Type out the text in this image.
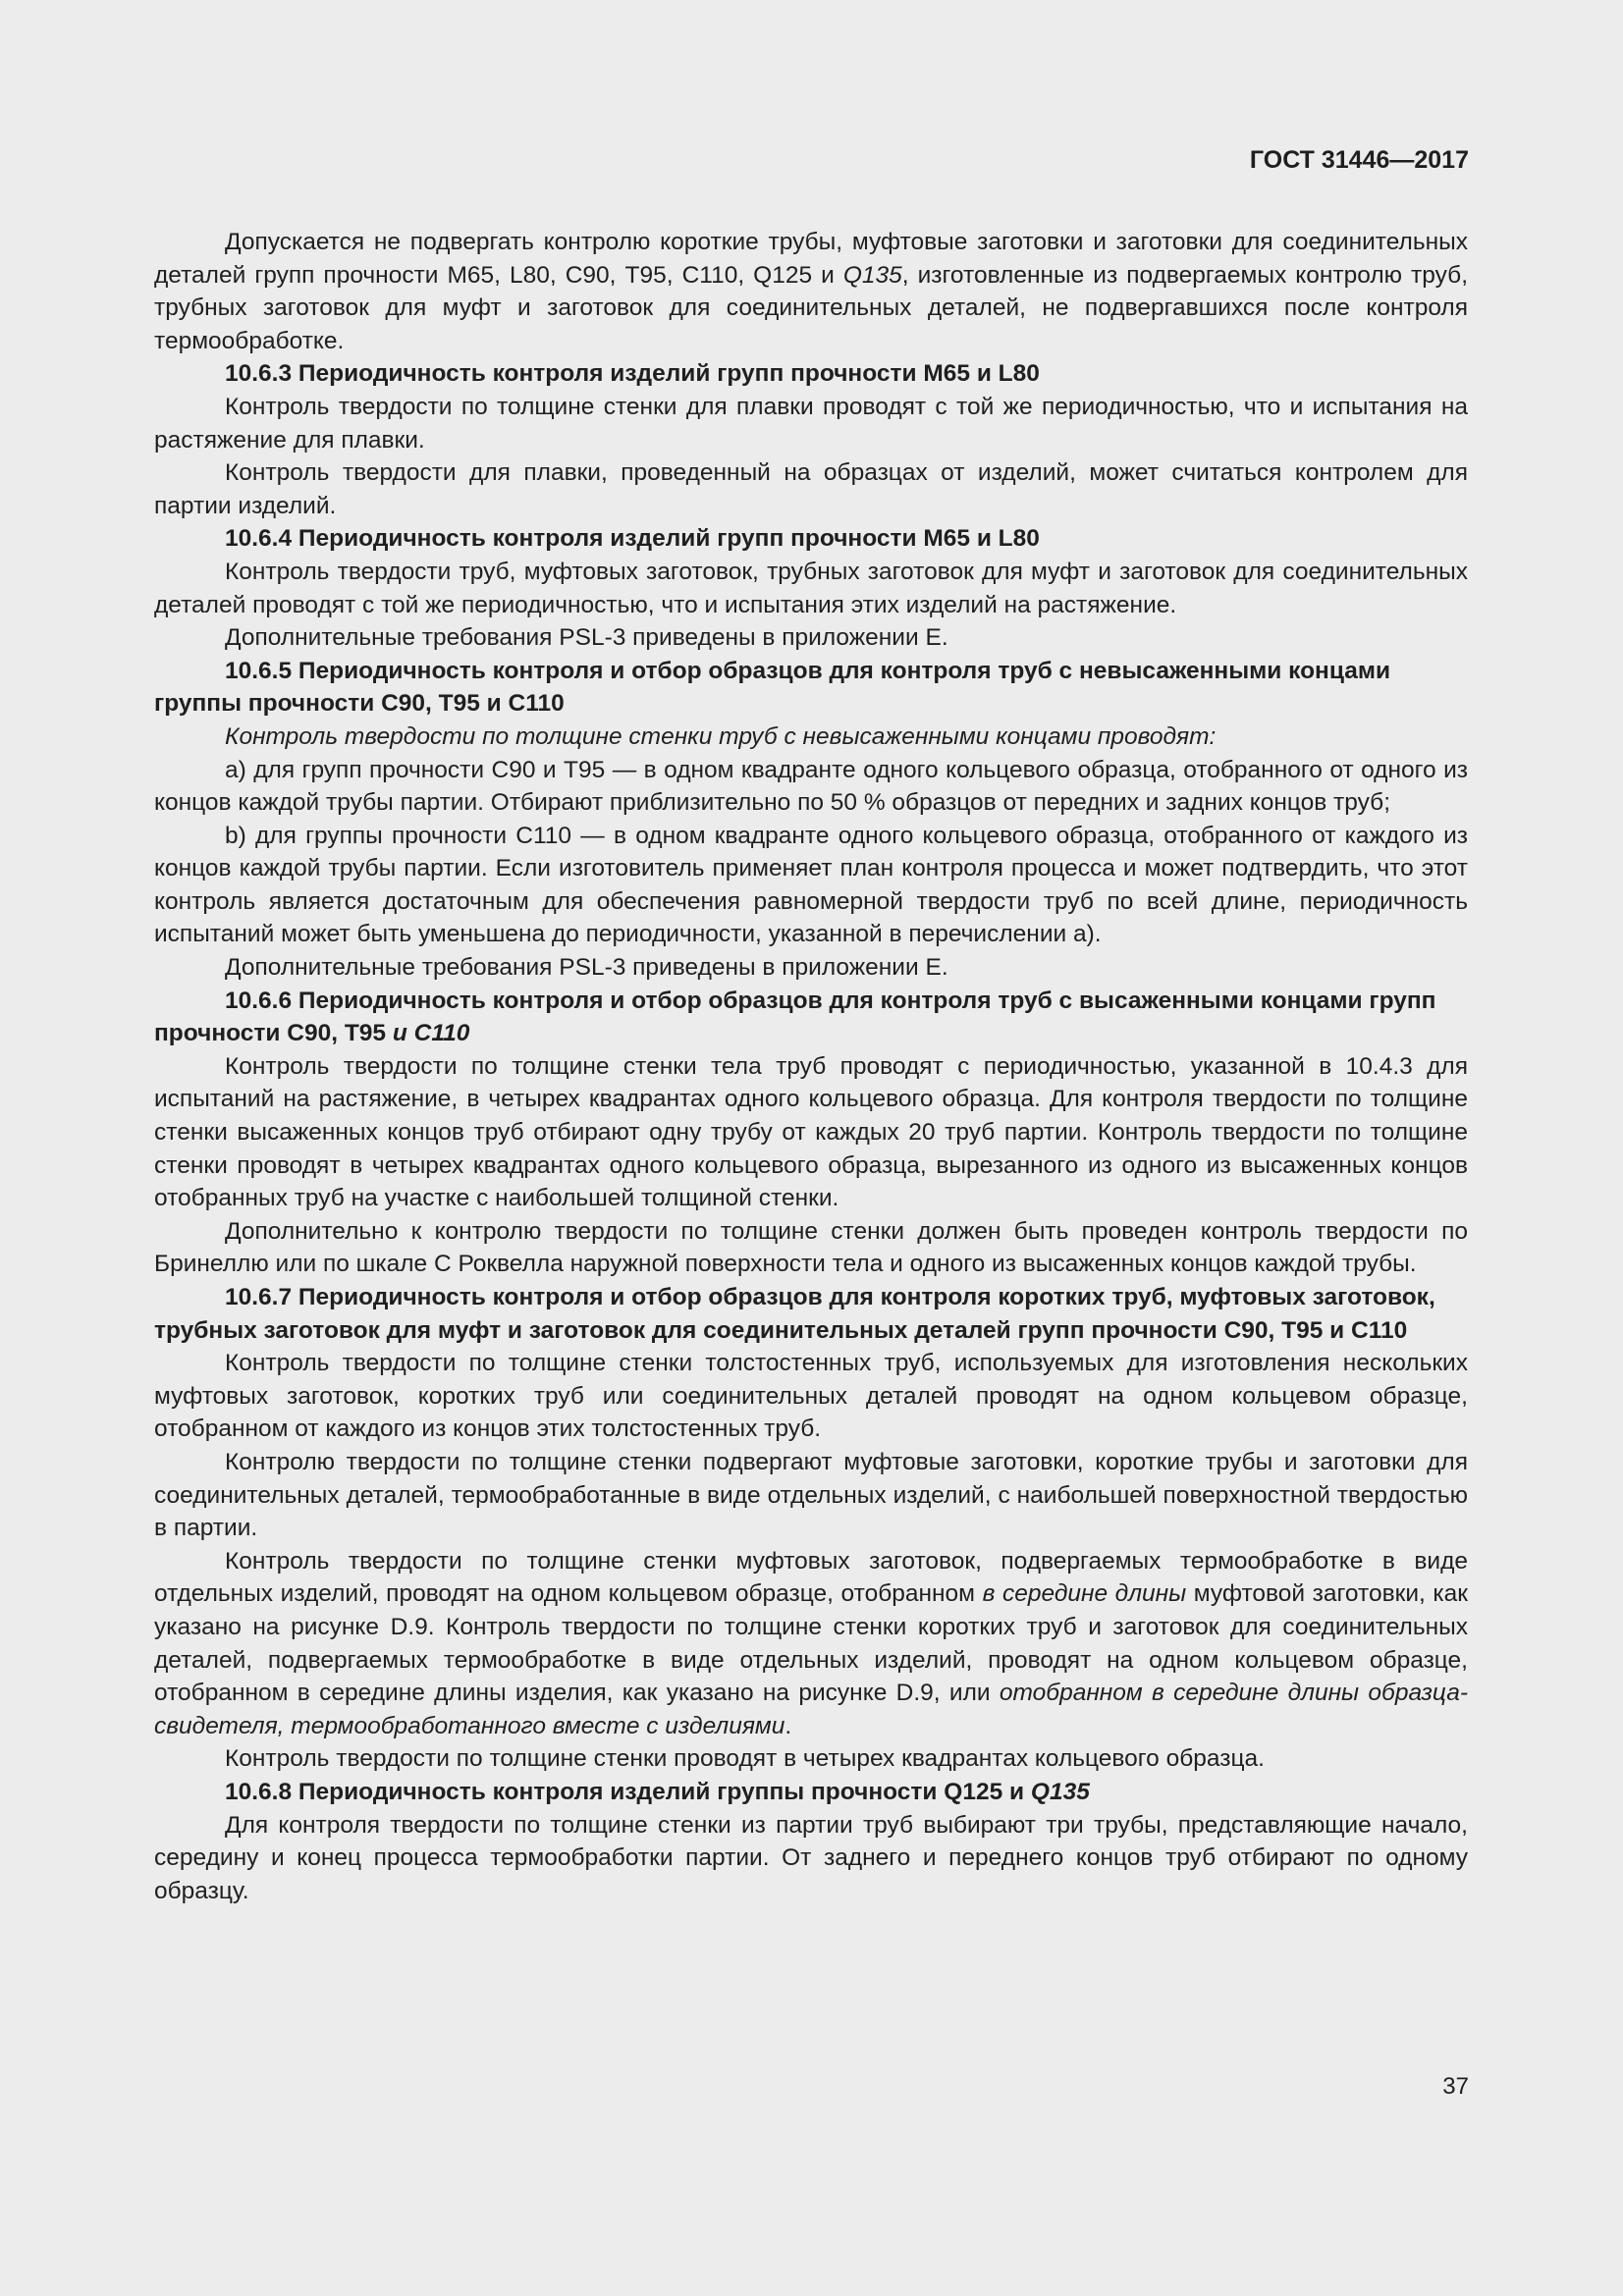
ГОСТ 31446—2017

Допускается не подвергать контролю короткие трубы, муфтовые заготовки и заготовки для соединительных деталей групп прочности М65, L80, С90, Т95, С110, Q125 и Q135, изготовленные из подвергаемых контролю труб, трубных заготовок для муфт и заготовок для соединительных деталей, не подвергавшихся после контроля термообработке.

10.6.3 Периодичность контроля изделий групп прочности М65 и L80

Контроль твердости по толщине стенки для плавки проводят с той же периодичностью, что и испытания на растяжение для плавки.

Контроль твердости для плавки, проведенный на образцах от изделий, может считаться контролем для партии изделий.

10.6.4 Периодичность контроля изделий групп прочности М65 и L80

Контроль твердости труб, муфтовых заготовок, трубных заготовок для муфт и заготовок для соединительных деталей проводят с той же периодичностью, что и испытания этих изделий на растяжение.

Дополнительные требования PSL-3 приведены в приложении Е.

10.6.5 Периодичность контроля и отбор образцов для контроля труб с невысаженными концами группы прочности С90, Т95 и С110

Контроль твердости по толщине стенки труб с невысаженными концами проводят:

а) для групп прочности С90 и Т95 — в одном квадранте одного кольцевого образца, отобранного от одного из концов каждой трубы партии. Отбирают приблизительно по 50 % образцов от передних и задних концов труб;

b) для группы прочности С110 — в одном квадранте одного кольцевого образца, отобранного от каждого из концов каждой трубы партии. Если изготовитель применяет план контроля процесса и может подтвердить, что этот контроль является достаточным для обеспечения равномерной твердости труб по всей длине, периодичность испытаний может быть уменьшена до периодичности, указанной в перечислении а).

Дополнительные требования PSL-3 приведены в приложении Е.

10.6.6 Периодичность контроля и отбор образцов для контроля труб с высаженными концами групп прочности С90, Т95 и С110

Контроль твердости по толщине стенки тела труб проводят с периодичностью, указанной в 10.4.3 для испытаний на растяжение, в четырех квадрантах одного кольцевого образца. Для контроля твердости по толщине стенки высаженных концов труб отбирают одну трубу от каждых 20 труб партии. Контроль твердости по толщине стенки проводят в четырех квадрантах одного кольцевого образца, вырезанного из одного из высаженных концов отобранных труб на участке с наибольшей толщиной стенки.

Дополнительно к контролю твердости по толщине стенки должен быть проведен контроль твердости по Бринеллю или по шкале С Роквелла наружной поверхности тела и одного из высаженных концов каждой трубы.

10.6.7 Периодичность контроля и отбор образцов для контроля коротких труб, муфтовых заготовок, трубных заготовок для муфт и заготовок для соединительных деталей групп прочности С90, Т95 и С110

Контроль твердости по толщине стенки толстостенных труб, используемых для изготовления нескольких муфтовых заготовок, коротких труб или соединительных деталей проводят на одном кольцевом образце, отобранном от каждого из концов этих толстостенных труб.

Контролю твердости по толщине стенки подвергают муфтовые заготовки, короткие трубы и заготовки для соединительных деталей, термообработанные в виде отдельных изделий, с наибольшей поверхностной твердостью в партии.

Контроль твердости по толщине стенки муфтовых заготовок, подвергаемых термообработке в виде отдельных изделий, проводят на одном кольцевом образце, отобранном в середине длины муфтовой заготовки, как указано на рисунке D.9. Контроль твердости по толщине стенки коротких труб и заготовок для соединительных деталей, подвергаемых термообработке в виде отдельных изделий, проводят на одном кольцевом образце, отобранном в середине длины изделия, как указано на рисунке D.9, или отобранном в середине длины образца-свидетеля, термообработанного вместе с изделиями.

Контроль твердости по толщине стенки проводят в четырех квадрантах кольцевого образца.

10.6.8 Периодичность контроля изделий группы прочности Q125 и Q135

Для контроля твердости по толщине стенки из партии труб выбирают три трубы, представляющие начало, середину и конец процесса термообработки партии. От заднего и переднего концов труб отбирают по одному образцу.

37
